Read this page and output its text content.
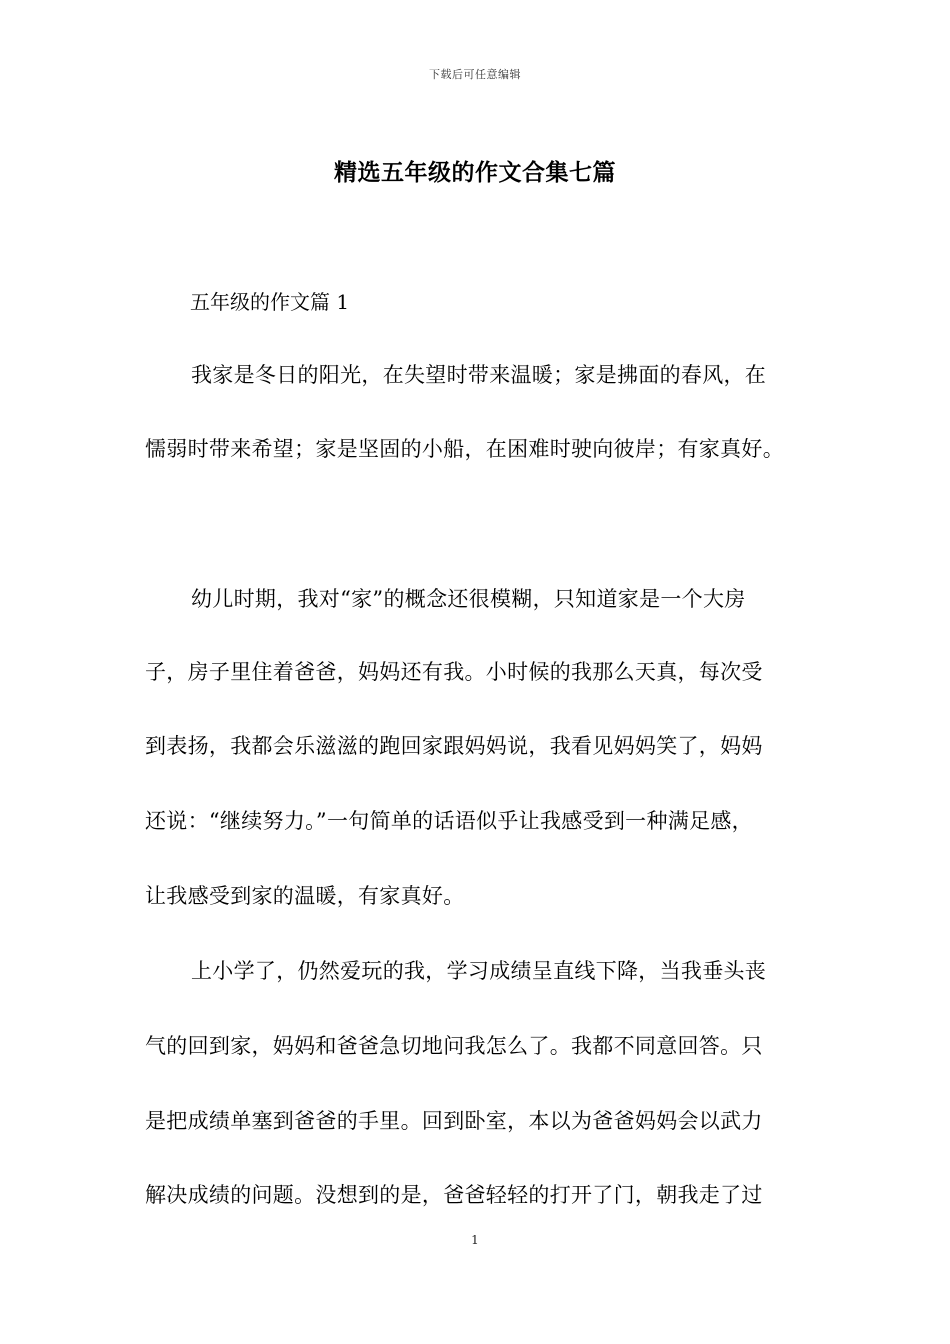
下载后可任意编辑
精选五年级的作文合集七篇
五年级的作文篇 1
我家是冬日的阳光，在失望时带来温暖；家是拂面的春风，在
懦弱时带来希望；家是坚固的小船，在困难时驶向彼岸；有家真好。
幼儿时期，我对“家”的概念还很模糊，只知道家是一个大房
子，房子里住着爸爸，妈妈还有我。小时候的我那么天真，每次受
到表扬，我都会乐滋滋的跑回家跟妈妈说，我看见妈妈笑了，妈妈
还说：“继续努力。”一句简单的话语似乎让我感受到一种满足感，
让我感受到家的温暖，有家真好。
上小学了，仍然爱玩的我，学习成绩呈直线下降，当我垂头丧
气的回到家，妈妈和爸爸急切地问我怎么了。我都不同意回答。只
是把成绩单塞到爸爸的手里。回到卧室，本以为爸爸妈妈会以武力
解决成绩的问题。没想到的是，爸爸轻轻的打开了门，朝我走了过
1
